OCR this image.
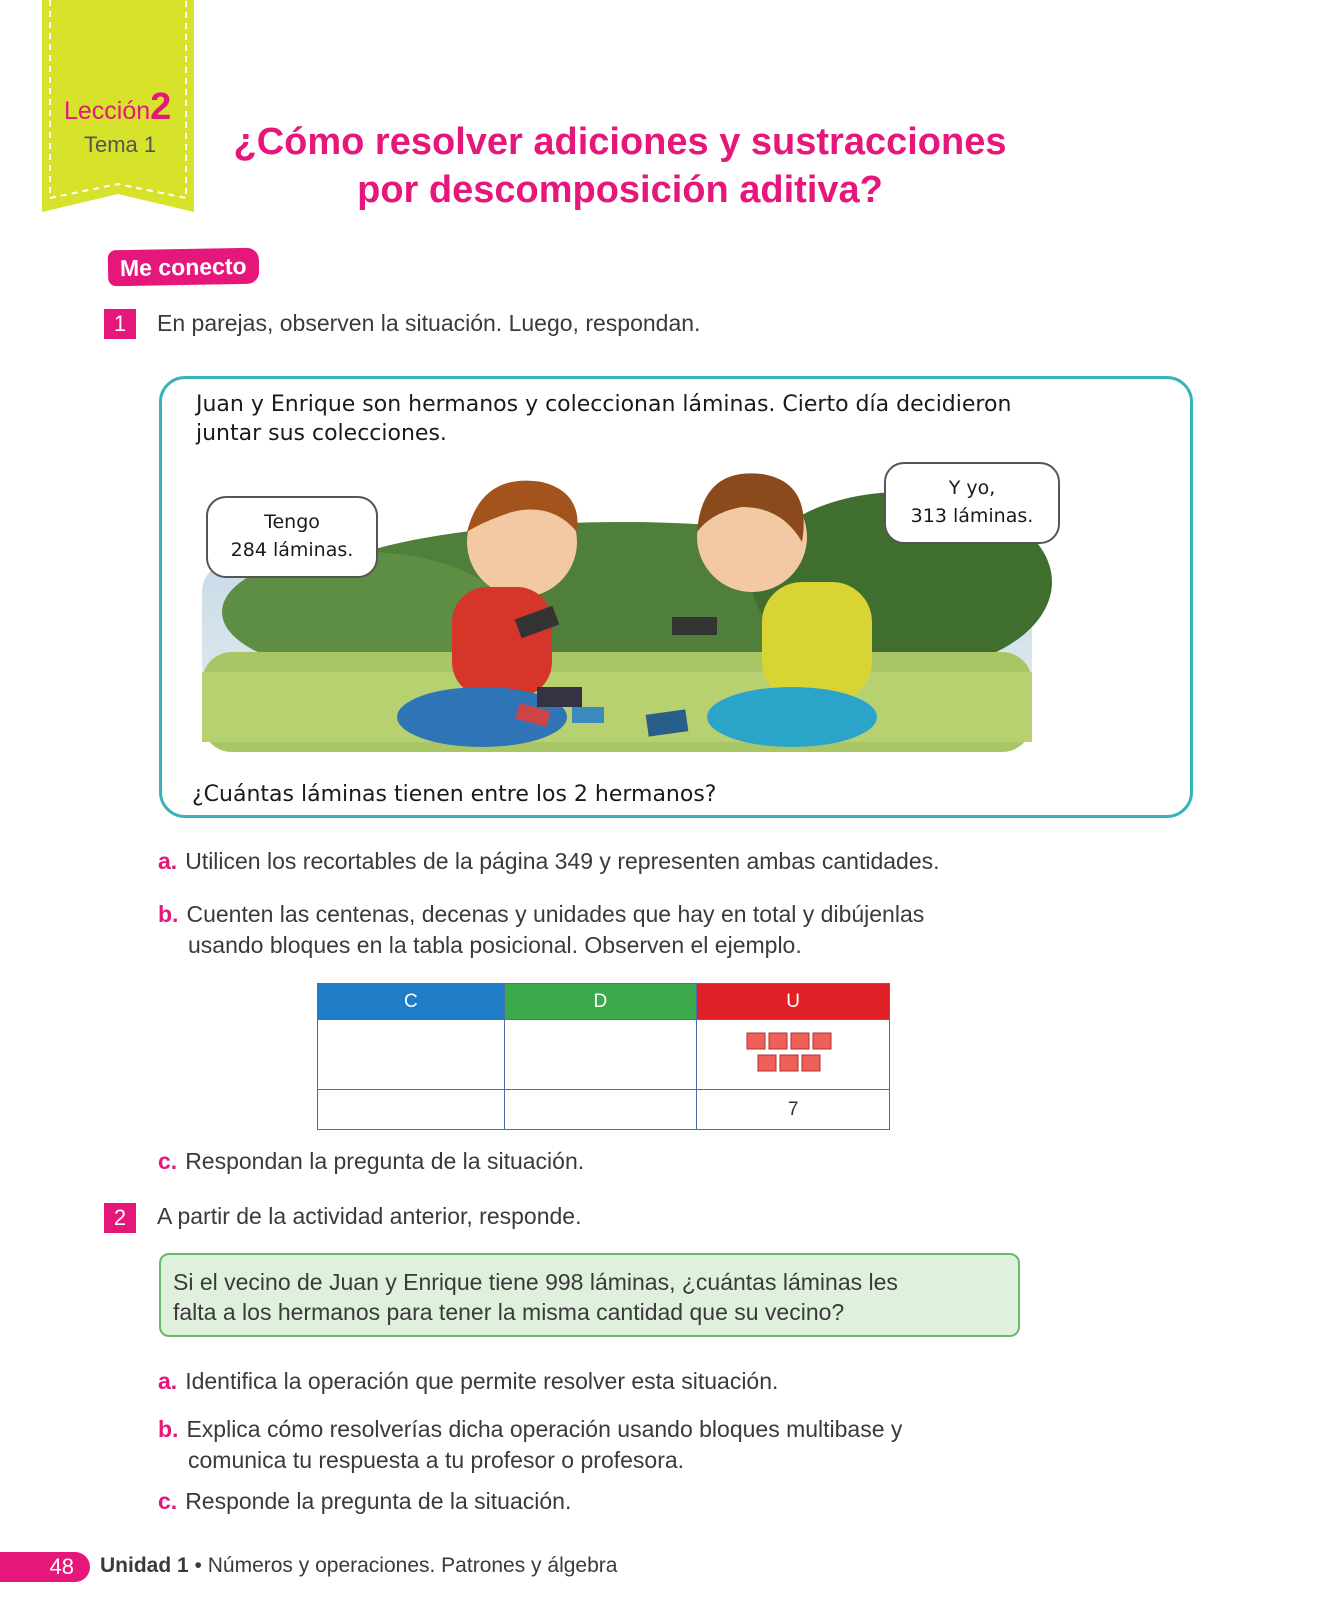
Lección2
Tema 1	¿Cómo resolver adiciones y sustracciones
por descomposición aditiva?
Me conecto
1	En parejas, observen la situación. Luego, respondan.
Juan y Enrique son hermanos y coleccionan láminas. Cierto día decidieron juntar sus colecciones.
Tengo
284 láminas.
Y yo,
313 láminas.
¿Cuántas láminas tienen entre los 2 hermanos?
a. Utilicen los recortables de la página 349 y representen ambas cantidades.
b. Cuenten las centenas, decenas y unidades que hay en total y dibújenlas
usando bloques en la tabla posicional. Observen el ejemplo.
C	D	U

		7
c. Respondan la pregunta de la situación.
2	A partir de la actividad anterior, responde.
Si el vecino de Juan y Enrique tiene 998 láminas, ¿cuántas láminas les
falta a los hermanos para tener la misma cantidad que su vecino?
a. Identifica la operación que permite resolver esta situación.
b. Explica cómo resolverías dicha operación usando bloques multibase y
comunica tu respuesta a tu profesor o profesora.
c. Responde la pregunta de la situación.
48	Unidad 1 • Números y operaciones. Patrones y álgebra
